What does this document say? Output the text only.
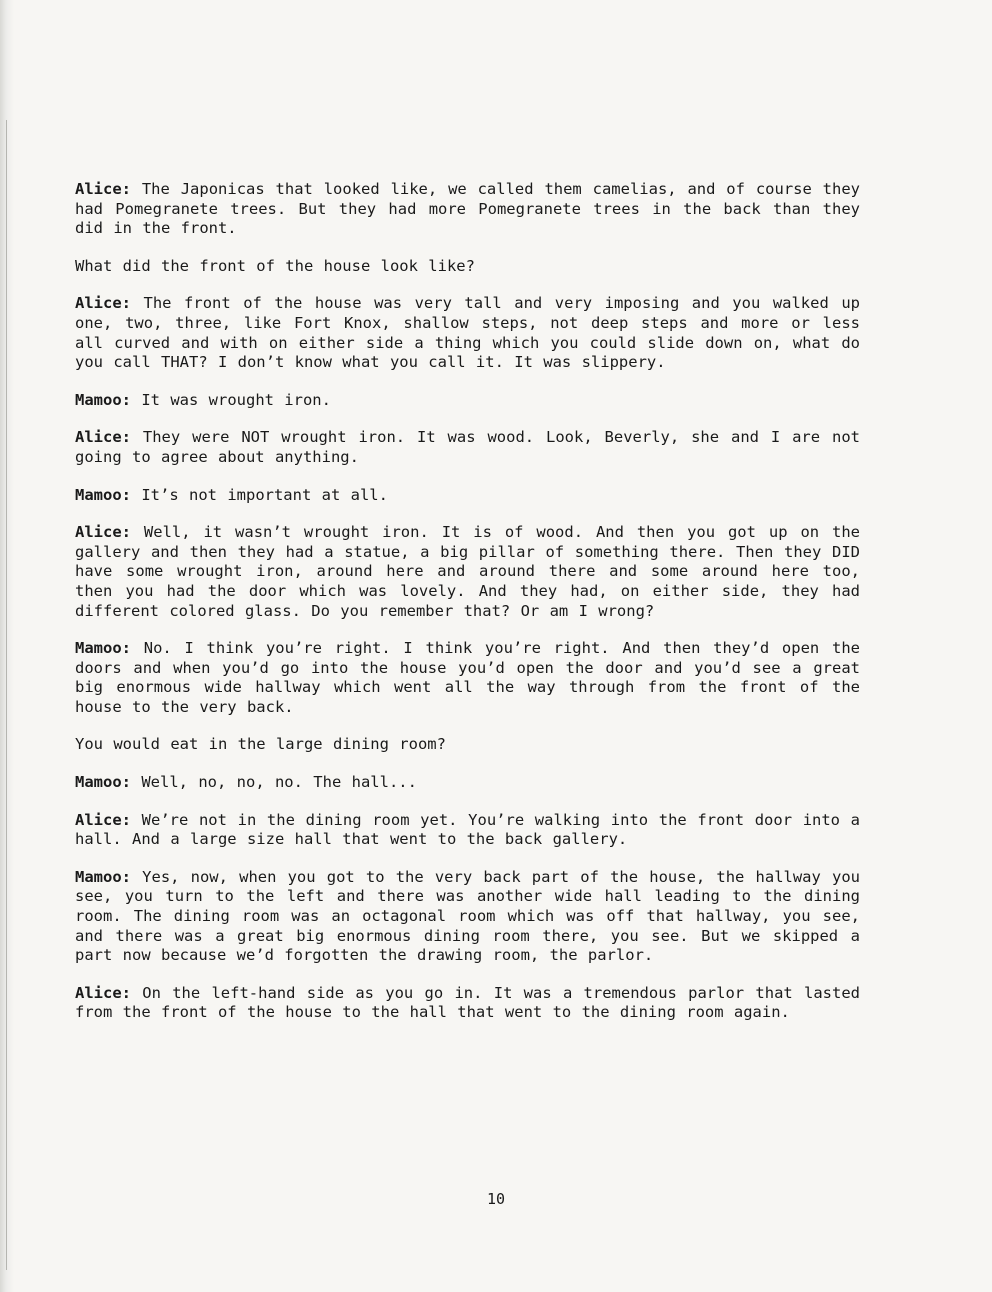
Alice: The Japonicas that looked like, we called them camelias, and of course they had Pomegranete trees. But they had more Pomegranete trees in the back than they did in the front.

What did the front of the house look like?

Alice: The front of the house was very tall and very imposing and you walked up one, two, three, like Fort Knox, shallow steps, not deep steps and more or less all curved and with on either side a thing which you could slide down on, what do you call THAT? I don’t know what you call it. It was slippery.

Mamoo: It was wrought iron.

Alice: They were NOT wrought iron. It was wood. Look, Beverly, she and I are not going to agree about anything.

Mamoo: It’s not important at all.

Alice: Well, it wasn’t wrought iron. It is of wood. And then you got up on the gallery and then they had a statue, a big pillar of something there. Then they DID have some wrought iron, around here and around there and some around here too, then you had the door which was lovely. And they had, on either side, they had different colored glass. Do you remember that? Or am I wrong?

Mamoo: No. I think you’re right. I think you’re right. And then they’d open the doors and when you’d go into the house you’d open the door and you’d see a great big enormous wide hallway which went all the way through from the front of the house to the very back.

You would eat in the large dining room?

Mamoo: Well, no, no, no. The hall...

Alice: We’re not in the dining room yet. You’re walking into the front door into a hall. And a large size hall that went to the back gallery.

Mamoo: Yes, now, when you got to the very back part of the house, the hallway you see, you turn to the left and there was another wide hall leading to the dining room. The dining room was an octagonal room which was off that hallway, you see, and there was a great big enormous dining room there, you see. But we skipped a part now because we’d forgotten the drawing room, the parlor.

Alice: On the left-hand side as you go in. It was a tremendous parlor that lasted from the front of the house to the hall that went to the dining room again.

10
